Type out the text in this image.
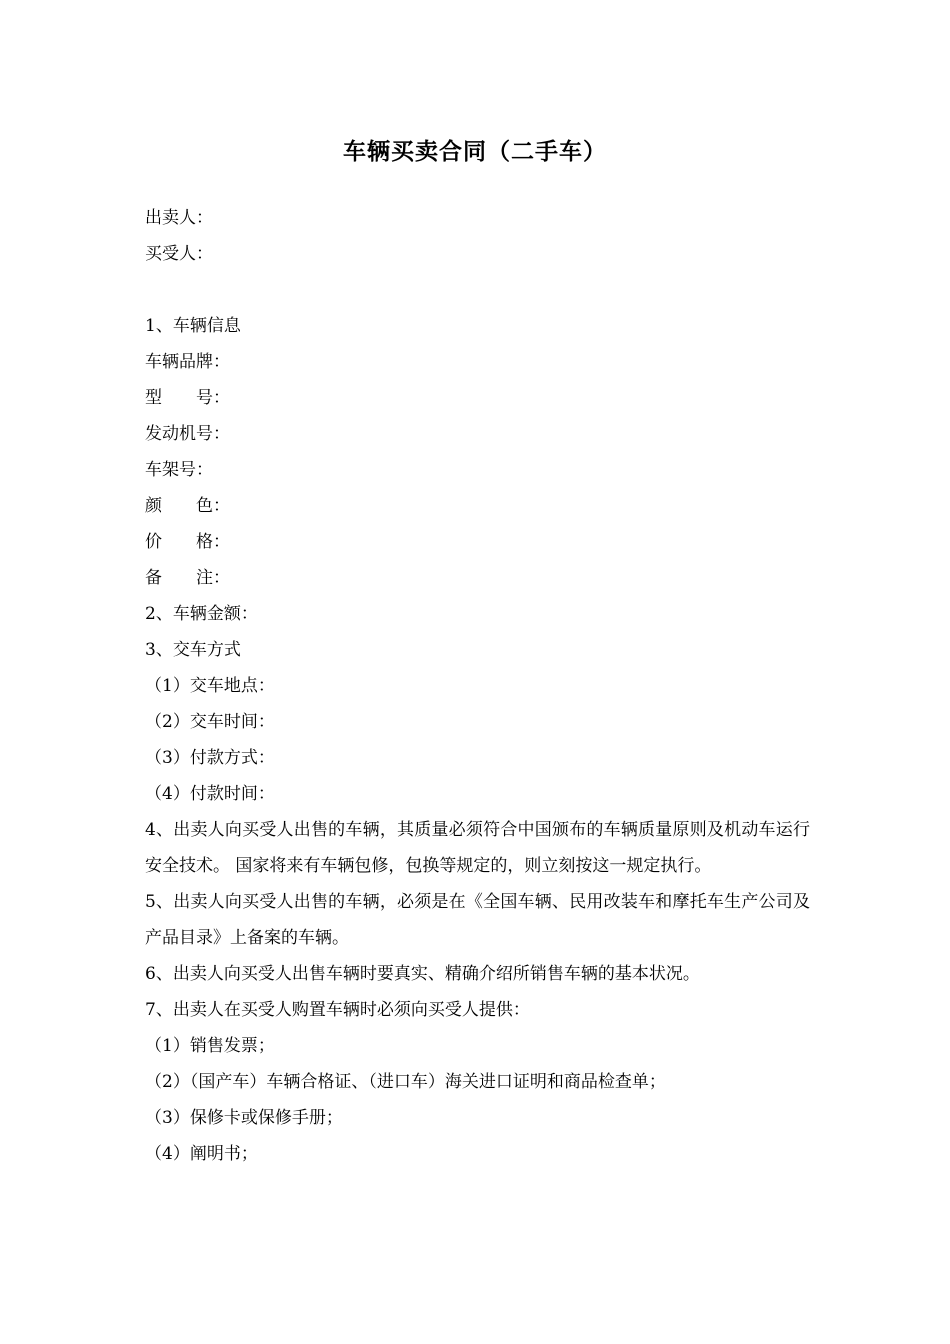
车辆买卖合同（二手车）
出卖人：
买受人：
1、车辆信息
车辆品牌：
型　　号：
发动机号：
车架号：
颜　　色：
价　　格：
备　　注：
2、车辆金额：
3、交车方式
（1）交车地点：
（2）交车时间：
（3）付款方式：
（4）付款时间：
4、出卖人向买受人出售的车辆，其质量必须符合中国颁布的车辆质量原则及机动车运行安全技术。 国家将来有车辆包修，包换等规定的，则立刻按这一规定执行。
5、出卖人向买受人出售的车辆，必须是在《全国车辆、民用改装车和摩托车生产公司及产品目录》上备案的车辆。
6、出卖人向买受人出售车辆时要真实、精确介绍所销售车辆的基本状况。
7、出卖人在买受人购置车辆时必须向买受人提供：
（1）销售发票；
（2）（国产车）车辆合格证、（进口车）海关进口证明和商品检查单；
（3）保修卡或保修手册；
（4）阐明书；
